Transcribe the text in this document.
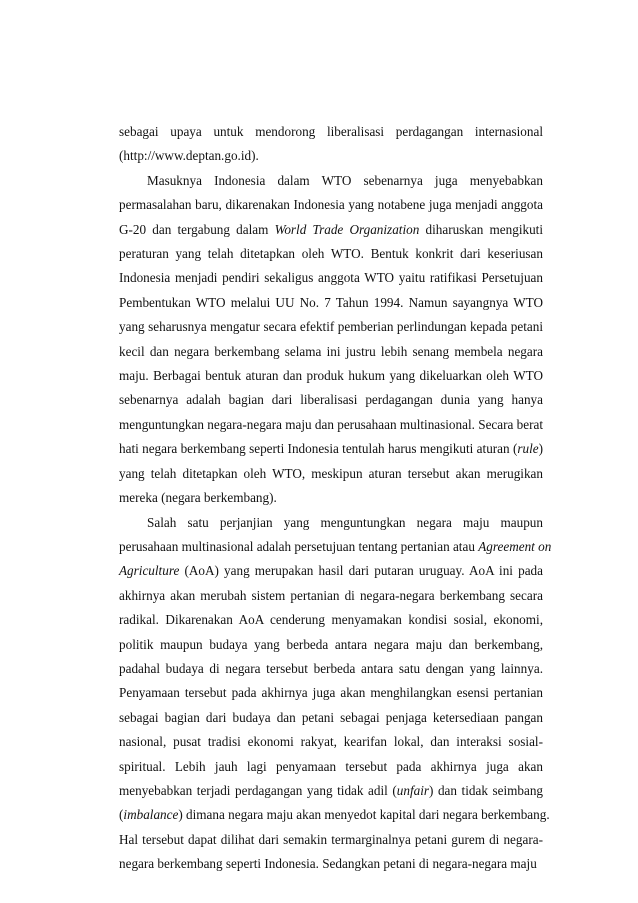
sebagai upaya untuk mendorong liberalisasi perdagangan internasional
(http://www.deptan.go.id).
Masuknya Indonesia dalam WTO sebenarnya juga menyebabkan
permasalahan baru, dikarenakan Indonesia yang notabene juga menjadi anggota
G-20 dan tergabung dalam World Trade Organization diharuskan mengikuti
peraturan yang telah ditetapkan oleh WTO. Bentuk konkrit dari keseriusan
Indonesia menjadi pendiri sekaligus anggota WTO yaitu ratifikasi Persetujuan
Pembentukan WTO melalui UU No. 7 Tahun 1994. Namun sayangnya WTO
yang seharusnya mengatur secara efektif pemberian perlindungan kepada petani
kecil dan negara berkembang selama ini justru lebih senang membela negara
maju. Berbagai bentuk aturan dan produk hukum yang dikeluarkan oleh WTO
sebenarnya adalah bagian dari liberalisasi perdagangan dunia yang hanya
menguntungkan negara-negara maju dan perusahaan multinasional. Secara berat
hati negara berkembang seperti Indonesia tentulah harus mengikuti aturan (rule)
yang telah ditetapkan oleh WTO, meskipun aturan tersebut akan merugikan
mereka (negara berkembang).
Salah satu perjanjian yang menguntungkan negara maju maupun
perusahaan multinasional adalah persetujuan tentang pertanian atau Agreement on
Agriculture (AoA) yang merupakan hasil dari putaran uruguay. AoA ini pada
akhirnya akan merubah sistem pertanian di negara-negara berkembang secara
radikal. Dikarenakan AoA cenderung menyamakan kondisi sosial, ekonomi,
politik maupun budaya yang berbeda antara negara maju dan berkembang,
padahal budaya di negara tersebut berbeda antara satu dengan yang lainnya.
Penyamaan tersebut pada akhirnya juga akan menghilangkan esensi pertanian
sebagai bagian dari budaya dan petani sebagai penjaga ketersediaan pangan
nasional, pusat tradisi ekonomi rakyat, kearifan lokal, dan interaksi sosial-
spiritual. Lebih jauh lagi penyamaan tersebut pada akhirnya juga akan
menyebabkan terjadi perdagangan yang tidak adil (unfair) dan tidak seimbang
(imbalance) dimana negara maju akan menyedot kapital dari negara berkembang.
Hal tersebut dapat dilihat dari semakin termarginalnya petani gurem di negara-
negara berkembang seperti Indonesia. Sedangkan petani di negara-negara maju
